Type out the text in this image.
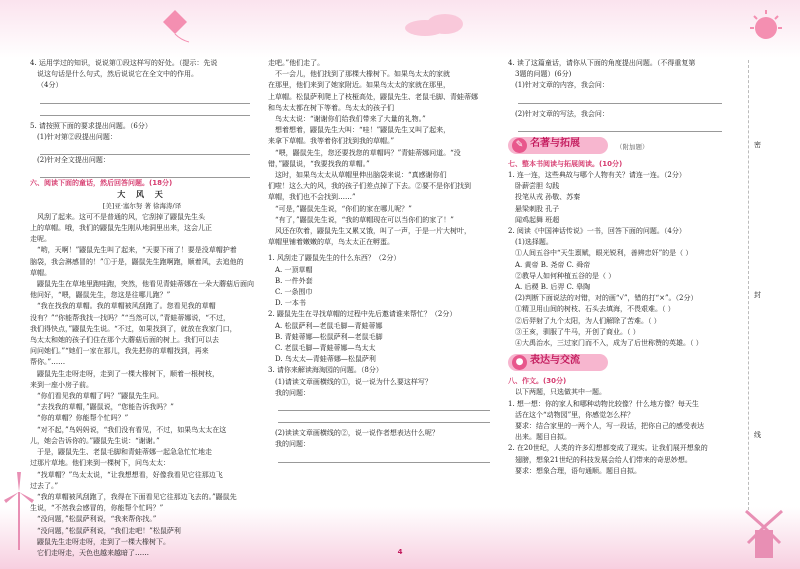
4. 运用学过的知识，说说第①段这样写的好处。（提示：先说
说这句话是什么句式，然后说说它在全文中的作用。
（4分）
5. 请按照下面的要求提出问题。（6分）
(1)针对第②段提出问题：
(2)针对全文提出问题：
六、阅读下面的童话，然后回答问题。(18分)
大 风 天
[美]亚·塞尔努 著 徐海涛/译
风刮了起来。这可不是普通的风，它刮掉了鼹鼠先生头
上的草帽。哦，我们的鼹鼠先生刚从地洞里出来，这会儿正
走呢。
“哟，天啊！”鼹鼠先生叫了起来，“天要下雨了！要是没草帽护着
脑袋，我会淋感冒的！”①于是，鼹鼠先生跑啊跑，顺着风，去追他的
草帽。
鼹鼠先生在草地里跑哇跑，突然，他看见青蛙蒂娜在一朵大蘑菇后面向
他问好，“喂，鼹鼠先生，您这是往哪儿跑？”
“我在找我的草帽。我的草帽被风刮跑了。您看见我的草帽
没有？”“你能帮我找一找吗？”“当然可以，”青蛙蒂娜说，“不过，
我们得快点，”鼹鼠先生说。“不过，如果找到了，就放在我家门口，
鸟太太和她的孩子们住在那个大蘑菇后面的树上。我们可以去
问问她们。”“她们一家在那儿，我先把你的草帽找到，再来
帮你。”……
鼹鼠先生走呀走呀，走到了一棵大橡树下，顺着一根树枝，
来到一座小房子前。
“你们看见我的草帽了吗？”鼹鼠先生问。
“去找我的草帽，”鼹鼠说，“您能告诉我吗？”
“你的草帽？你能帮个忙吗？”
“对不起，”鸟妈妈说，“我们没有看见，不过，如果鸟太太在这
儿，她会告诉你的。”鼹鼠先生说：“谢谢。”
于是，鼹鼠先生、老鼠毛脚和青蛙蒂娜一起急急忙忙地走
过那片草地。他们来到一棵树下，问鸟太太：
“找草帽？”鸟太太说，“让我想想看，好像我看见它往那边飞
过去了。”
“我的草帽被风刮跑了，我得在下面看见它往那边飞去的。”鼹鼠先
生说，“不然我会感冒的，你能帮个忙吗？”
“没问题，”松鼠萨利说，“我来帮你找。”
“没问题，”松鼠萨利说，“我们走吧！”松鼠萨利
鼹鼠先生走呀走呀，走到了一棵大橡树下。
它们走呀走，天色也越来越暗了……
走吧。”他们走了。
不一会儿，他们找到了那棵大橡树下。如果鸟太太的家就
在那里，他们来到了她家附近。如果鸟太太的家就在那里，
上草帽。松鼠萨利爬上了枝桠高处，鼹鼠先生、老鼠毛脚、青蛙蒂娜
和鸟太太都在树下等着。鸟太太的孩子们
鸟太太说：“谢谢你们给我们带来了大量的礼物。”
想着想着，鼹鼠先生大叫：“哇！”鼹鼠先生又叫了起来，
来拿下草帽。我等着你们找到我的草帽。”
“喂，鼹鼠先生，您还要找您的草帽吗？”青蛙蒂娜问道。“没
错，”鼹鼠说，“我要找我的草帽。”
这时，如果鸟太太从草帽里伸出脑袋来说：“真感谢你们
们啦！这么大的风，我的孩子们差点掉了下去。②要不是你们找到
草帽，我们也不会找到……”
“可是，”鼹鼠先生说，“你们的家在哪儿呢？”
“有了，”鼹鼠先生说，“我的草帽现在可以当你们的家了！”
风还在吹着，鼹鼠先生又累又饿，叫了一声，于是一片大树叶，
草帽里铺着嫩嫩的草，鸟太太正在孵蛋。
1. 风刮走了鼹鼠先生的什么东西？（2分）
A. 一顶草帽
B. 一件外套
C. 一条围巾
D. 一本书
2. 鼹鼠先生在寻找草帽的过程中先后邀请谁来帮忙？（2分）
A. 松鼠萨利—老鼠毛脚—青蛙蒂娜
B. 青蛙蒂娜—松鼠萨利—老鼠毛脚
C. 老鼠毛脚—青蛙蒂娜—鸟太太
D. 鸟太太—青蛙蒂娜—松鼠萨利
3. 请你来解读海淘园的问题。（8分）
(1)请读文章画横线的①，说一说为什么要这样写？
我的问题：
(2)读读文章画横线的②，说一说作者想表达什么呢？
我的问题：
4. 读了这篇童话，请你从下面的角度提出问题。（不得重复第
3题的问题）(6分)
(1)针对文章的内容，我会问：
(2)针对文章的写法，我会问：
✎ 名著与拓展	（附加题）
七、整本书阅读与拓展阅读。(10分)
1. 连一连，这些典故与哪个人物有关？请连一连。（2分）
卧薪尝胆 勾践
投笔从戎 孙敬、苏秦
悬梁刺股 孔子
闻鸡起舞 班超
2. 阅读《中国神话传说》一书，回答下面的问题。（4分）
(1)选择题。
①人间五谷中“天生禀赋，眼光锐利，善辨忠奸”的是（ ）
A. 黄帝 B. 尧帝 C. 舜帝
②教导人如何种植五谷的是（ ）
A. 后稷 B. 后羿 C. 皋陶
(2)判断下面说法的对错，对的画“√”，错的打“×”。（2分）
①精卫用山间的树枝、石头去填海，不畏艰难。（ ）
②后羿射了九个太阳，为人们解除了苦难。（ ）
③王亥，驯服了牛马，开创了商业。（ ）
④大禹治水，三过家门而不入，成为了后世称赞的英雄。（ ）
● 表达与交流
八、作文。(30分)
以下两题，只选做其中一题。
1. 想一想：你的家人和哪种动物比较像？什么地方像？每天生
活在这个“动物园”里，你感觉怎么样？
要求：结合家里的一两个人，写一段话，把你自己的感受表达
出来。题目自拟。
2. 在20世纪，人类的许多幻想都变成了现实。让我们展开想象的
翅膀，想象21世纪的科技发展会给人们带来的奇思妙想。
要求：想象合理，语句通顺。题目自拟。
密
封
线
4
